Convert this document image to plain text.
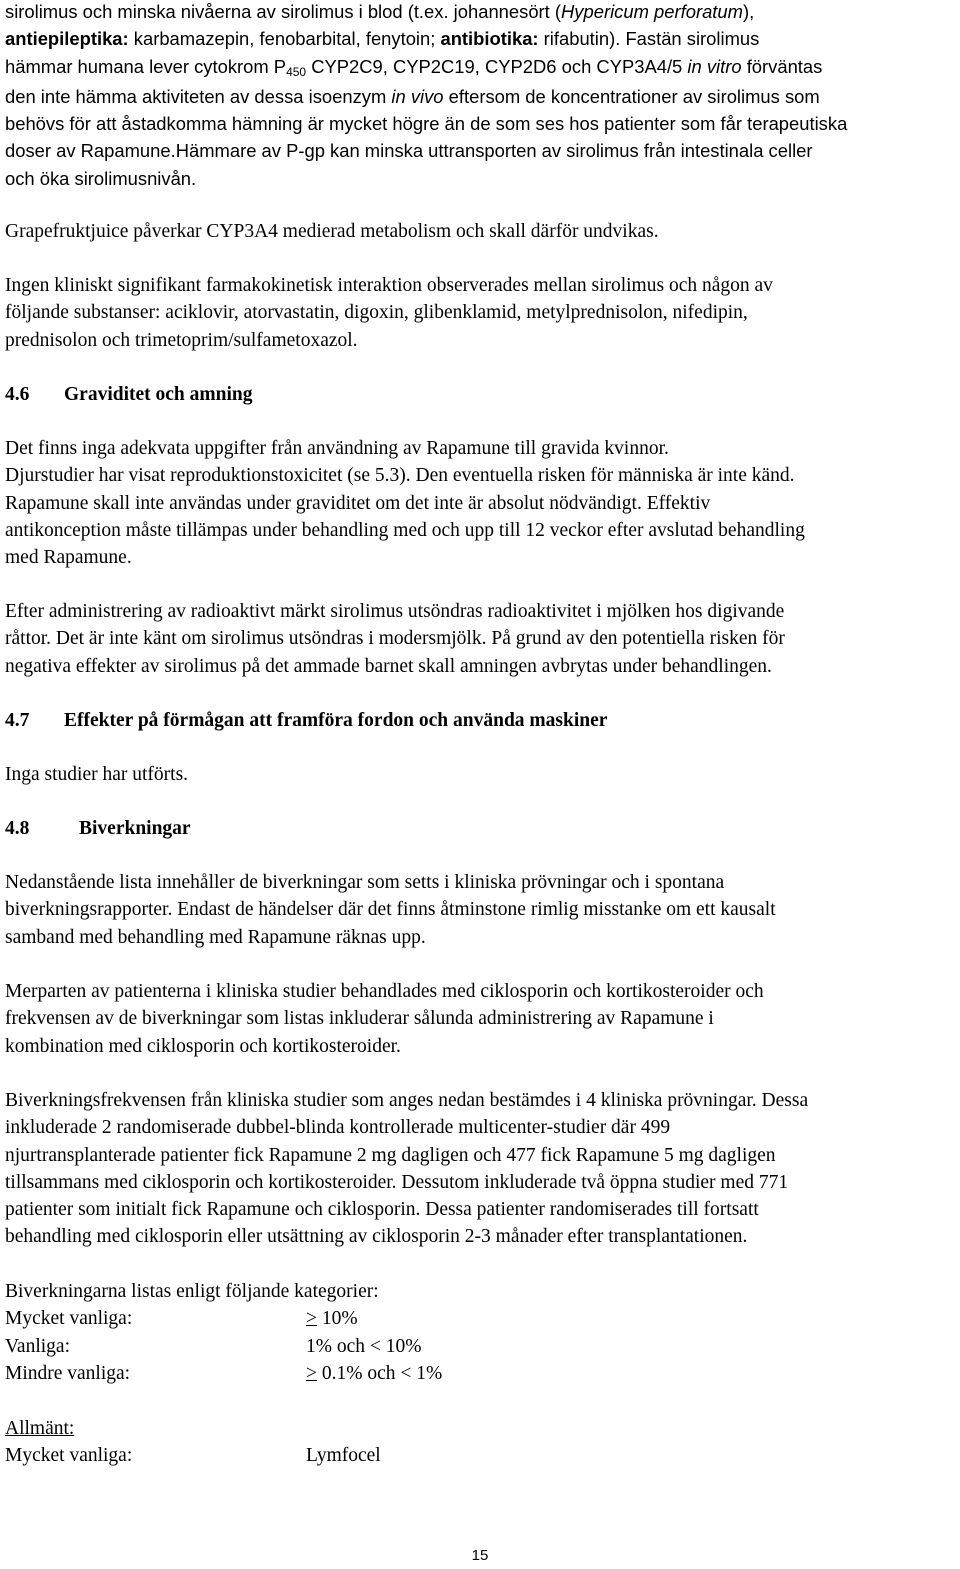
sirolimus och minska nivåerna av sirolimus i blod (t.ex. johannesört (Hypericum perforatum),

antiepileptika: karbamazepin, fenobarbital, fenytoin; antibiotika: rifabutin). Fastän sirolimus

hämmar humana lever cytokrom $P_{450}$ CYP2C9, CYP2C19, CYP2D6 och CYP3A4/5 in vitro förväntas

den inte hämma aktiviteten av dessa isoenzym in vivo eftersom de koncentrationer av sirolimus som

behövs för att åstadkomma hämning är mycket högre än de som ses hos patienter som får terapeutiska

doser av Rapamune.Hämmare av P-gp kan minska uttransporten av sirolimus från intestinala celler

och öka sirolimusnivån.

Grapefruktjuice påverkar CYP3A4 medierad metabolism och skall därför undvikas.

Ingen kliniskt signifikant farmakokinetisk interaktion observerades mellan sirolimus och någon av

följande substanser: aciklovir, atorvastatin, digoxin, glibenklamid, metylprednisolon, nifedipin,

prednisolon och trimetoprim/sulfametoxazol.

4.6 Graviditet och amning

Det finns inga adekvata uppgifter från användning av Rapamune till gravida kvinnor.

Djurstudier har visat reproduktionstoxicitet (se 5.3). Den eventuella risken för människa är inte känd.

Rapamune skall inte användas under graviditet om det inte är absolut nödvändigt. Effektiv

antikonception måste tillämpas under behandling med och upp till 12 veckor efter avslutad behandling

med Rapamune.

Efter administrering av radioaktivt märkt sirolimus utsöndras radioaktivitet i mjölken hos digivande

råttor. Det är inte känt om sirolimus utsöndras i modersmjölk. På grund av den potentiella risken för

negativa effekter av sirolimus på det ammade barnet skall amningen avbrytas under behandlingen.

4.7 Effekter på förmågan att framföra fordon och använda maskiner

Inga studier har utförts.

4.8	Biverkningar

Nedanstående lista innehåller de biverkningar som setts i kliniska prövningar och i spontana

biverkningsrapporter. Endast de händelser där det finns åtminstone rimlig misstanke om ett kausalt

samband med behandling med Rapamune räknas upp.

Merparten av patienterna i kliniska studier behandlades med ciklosporin och kortikosteroider och

frekvensen av de biverkningar som listas inkluderar sålunda administrering av Rapamune i

kombination med ciklosporin och kortikosteroider.

Biverkningsfrekvensen från kliniska studier som anges nedan bestämdes i 4 kliniska prövningar. Dessa

inkluderade 2 randomiserade dubbel-blinda kontrollerade multicenter-studier där 499

njurtransplanterade patienter fick Rapamune 2 mg dagligen och 477 fick Rapamune 5 mg dagligen

tillsammans med ciklosporin och kortikosteroider. Dessutom inkluderade två öppna studier med 771

patienter som initialt fick Rapamune och ciklosporin. Dessa patienter randomiserades till fortsatt

behandling med ciklosporin eller utsättning av ciklosporin 2-3 månader efter transplantationen.

Biverkningarna listas enligt följande kategorier:

Mycket vanliga:	> 10%
Vanliga:	1% och < 10%
Mindre vanliga:	> 0.1% och < 1%

Allmänt:

Mycket vanliga:	Lymfocel
15
